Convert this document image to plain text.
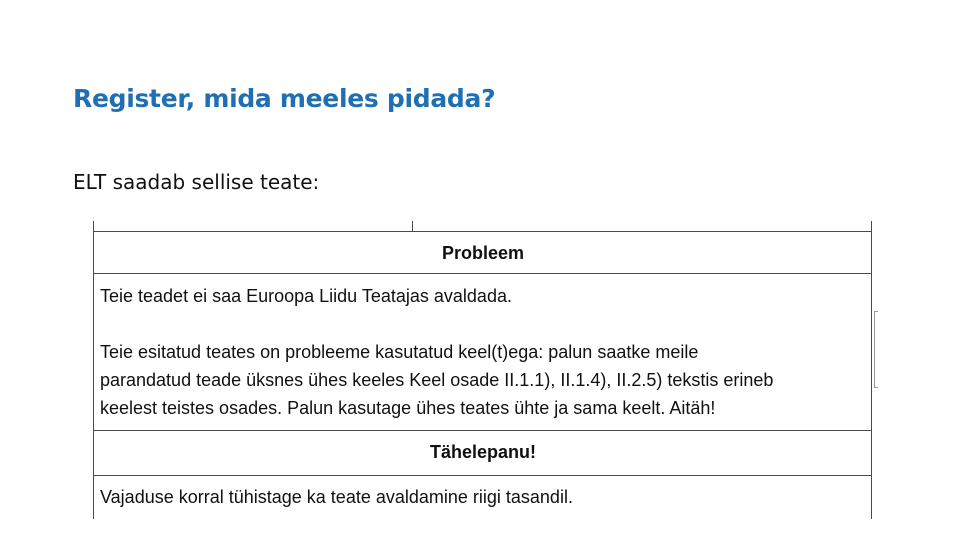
Register, mida meeles pidada?

ELT saadab sellise teate:

Probleem

Teie teadet ei saa Euroopa Liidu Teatajas avaldada.

Teie esitatud teates on probleeme kasutatud keel(t)ega: palun saatke meile

parandatud teade üksnes ühes keeles Keel osade II.1.1), II.1.4), II.2.5) tekstis erineb

keelest teistes osades. Palun kasutage ühes teates ühte ja sama keelt. Aitäh!

Tähelepanu!

Vajaduse korral tühistage ka teate avaldamine riigi tasandil.
